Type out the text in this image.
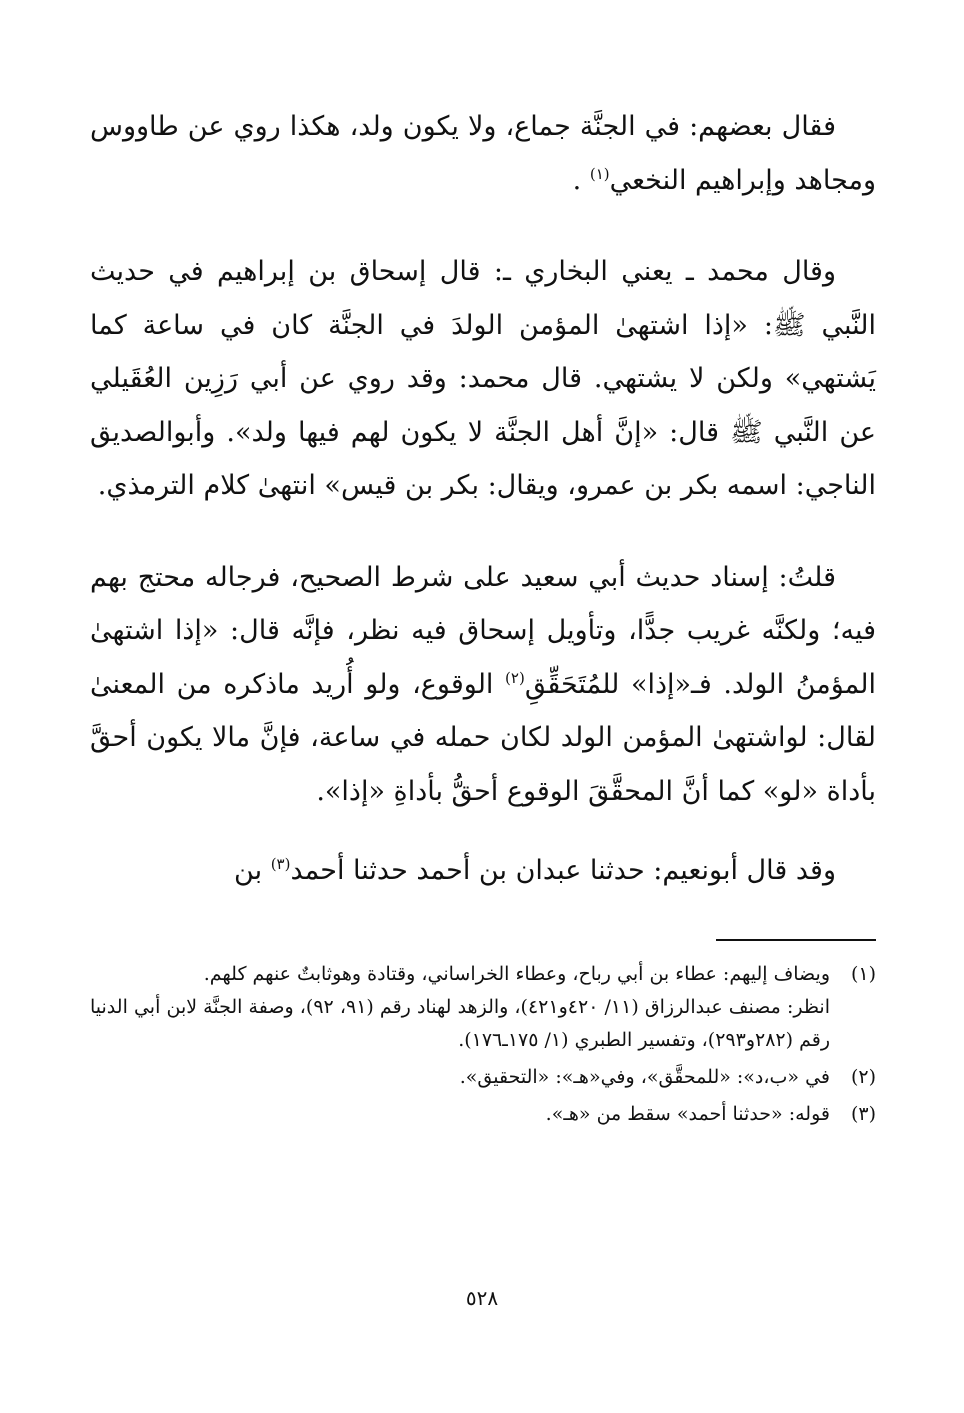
فقال بعضهم: في الجنَّة جماع، ولا يكون ولد، هكذا روي عن طاووس ومجاهد وإبراهيم النخعي$^{(١)}$ .

وقال محمد ـ يعني البخاري ـ: قال إسحاق بن إبراهيم في حديث النَّبي ﷺ: «إذا اشتهىٰ المؤمن الولدَ في الجنَّة كان في ساعة كما يَشتهي» ولكن لا يشتهي. قال محمد: وقد روي عن أبي رَزِين العُقَيلي عن النَّبي ﷺ قال: «إنَّ أهل الجنَّة لا يكون لهم فيها ولد». وأبوالصديق الناجي: اسمه بكر بن عمرو، ويقال: بكر بن قيس» انتهىٰ كلام الترمذي.

قلتُ: إسناد حديث أبي سعيد على شرط الصحيح، فرجاله محتج بهم فيه؛ ولكنَّه غريب جدًّا، وتأويل إسحاق فيه نظر، فإنَّه قال: «إذا اشتهىٰ المؤمنُ الولد. فـ«إذا» للمُتَحَقِّقِ$^{(٢)}$ الوقوع، ولو أُريد ماذكره من المعنىٰ لقال: لواشتهىٰ المؤمن الولد لكان حمله في ساعة، فإنَّ مالا يكون أحقَّ بأداة «لو» كما أنَّ المحقَّقَ الوقوع أحقُّ بأداةِ «إذا».

وقد قال أبونعيم: حدثنا عبدان بن أحمد حدثنا أحمد$^{(٣)}$ بن

(١)

ويضاف إليهم: عطاء بن أبي رباح، وعطاء الخراساني، وقتادة وهوثابتٌ عنهم كلهم.

انظر: مصنف عبدالرزاق (١١/ ٤٢٠و٤٢١)، والزهد لهناد رقم (٩١، ٩٢)، وصفة الجنَّة لابن أبي الدنيا رقم (٢٨٢و٢٩٣)، وتفسير الطبري (١/ ١٧٥ـ١٧٦).

(٢)

في «ب،د»: «للمحقَّق»، وفي«هـ»: «التحقيق».

(٣)

قوله: «حدثنا أحمد» سقط من «هـ».

٥٢٨
